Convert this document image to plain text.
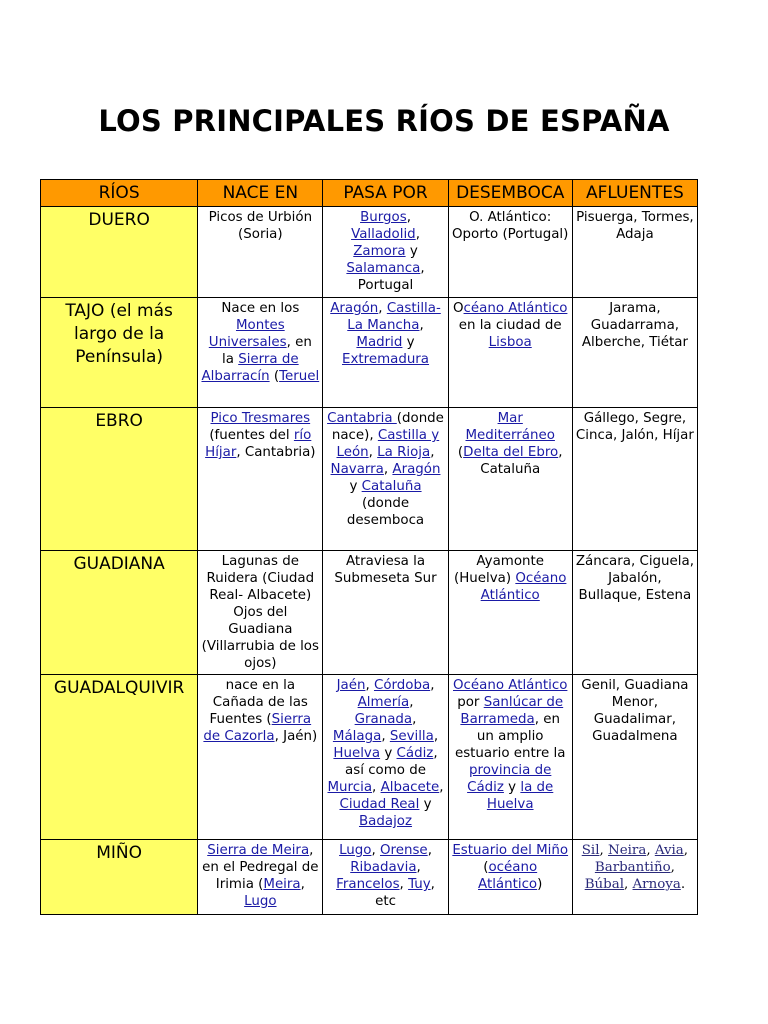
LOS PRINCIPALES RÍOS DE ESPAÑA
RÍOS	NACE EN	PASA POR	DESEMBOCA	AFLUENTES
DUERO	Picos de Urbión (Soria)	Burgos, Valladolid, Zamora y Salamanca, Portugal	O. Atlántico: Oporto (Portugal)	Pisuerga, Tormes, Adaja
TAJO (el más largo de la Península)	Nace en los Montes Universales, en la Sierra de Albarracín (Teruel	Aragón, Castilla-La Mancha, Madrid y Extremadura	Océano Atlántico en la ciudad de Lisboa	Jarama, Guadarrama, Alberche, Tiétar
EBRO	Pico Tresmares (fuentes del río Híjar, Cantabria)	Cantabria (donde nace), Castilla y León, La Rioja, Navarra, Aragón y Cataluña (donde desemboca	Mar Mediterráneo (Delta del Ebro, Cataluña	Gállego, Segre, Cinca, Jalón, Híjar
GUADIANA	Lagunas de Ruidera (Ciudad Real- Albacete) Ojos del Guadiana (Villarrubia de los ojos)	Atraviesa la Submeseta Sur	Ayamonte (Huelva) Océano Atlántico	Záncara, Ciguela, Jabalón, Bullaque, Estena
GUADALQUIVIR	nace en la Cañada de las Fuentes (Sierra de Cazorla, Jaén)	Jaén, Córdoba, Almería, Granada, Málaga, Sevilla, Huelva y Cádiz, así como de Murcia, Albacete, Ciudad Real y Badajoz	Océano Atlántico por Sanlúcar de Barrameda, en un amplio estuario entre la provincia de Cádiz y la de Huelva	Genil, Guadiana Menor, Guadalimar, Guadalmena
MIÑO	Sierra de Meira, en el Pedregal de Irimia (Meira, Lugo	Lugo, Orense, Ribadavia, Francelos, Tuy, etc	Estuario del Miño (océano Atlántico)	Sil, Neira, Avia, Barbantiño, Búbal, Arnoya.
